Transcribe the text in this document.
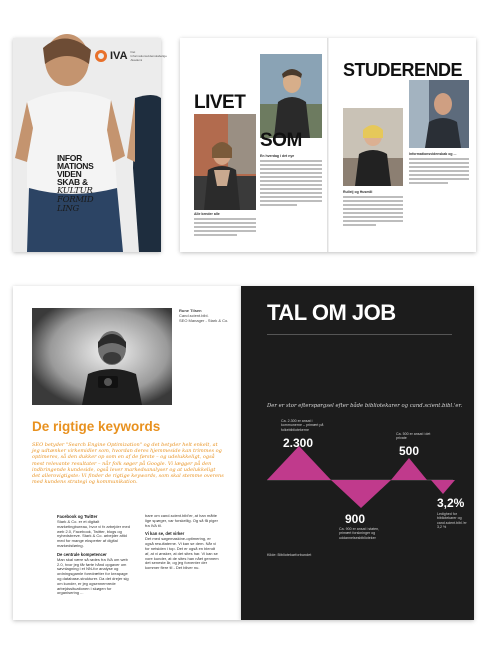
IVA Det Informationsvidenskabelige Akademi
INFOR
MATIONS
VIDEN
SKAB &
KULTUR
FORMID
LING
LIVET
SOM
Alle kender alle
En hverdag i det nye
STUDERENDE
Rulleij og Husmili
Informationsvidenskab og ...
Rune Tilsen
Cand.scient.bibl.
SEO Manager - Stark & Co.
De rigtige keywords
SEO betyder "Search Engine Optimization" og det betyder helt enkelt, at jeg udtænker virkemidler som, hvordan deres hjemmeside kan trimmes og optimeres, så den dukker op som en af de første – og udelukkeligt, også mest relevante resultater – når folk søger på Google. Vi lægger på den indbringende kundeside, også lever markedsanalyser og at udelukkeligt det allerovigtigste: Vi finder de rigtige keywords, som skal stemme overens med kundens strategi og kommunikation.
Facebook og Twitter
Stark & Co. er et digitalt marketingbureau, hvor vi fx arbejder med web 2.0, Facebook, Twitter, blogs og nyhedsbreve. Stark & Co. arbejder altid med for mange eksperter af digital markedsføring.
De centrale kompetencer
Man skal være så rødes fra IVA om web 2.0, hvor jeg får førte hånd opgaver om søvnlagning i et NN-for analyse og ordningsgamle foredrætter for kreapage og database-strukturer. Da det drejer sig om kunder, er jeg ogsennemrede arbejdssituationen i skøgen for organisering ...
bare om cand.scient.bibl'er, at han måtte lige spørger, var forskellig. Og så få piger fra IVA til.
Vi kan se, det virker
Det med søgemaskine-optimering, er også resultaterne. Vi kan se dem. Når vi for netsiden i top. Det er også en blendt af, at vi ønsker, at det sites har. Vi kan se vore kunder, at de sites han nået gennem det seneste år, og jeg forventer der kommer flere til - Det bliver nu.
TAL OM JOB
Der er stor efterspørgsel efter både bibliotekarer og cand.scient.bibl.'er.
Ca. 2.300 er ansat i kommunerne – primært på folkebibliotekerne
2.300
900
Ca. 900 er ansat i staten, primært forskninger og uddannelsesbiblioteker
Ca. 500 er ansat i det private
500
3,2%
Ledighed for bibliotekarer og cand.scient.bibl.'er 3,2 %
Kilde: Bibliotekarforbundet
